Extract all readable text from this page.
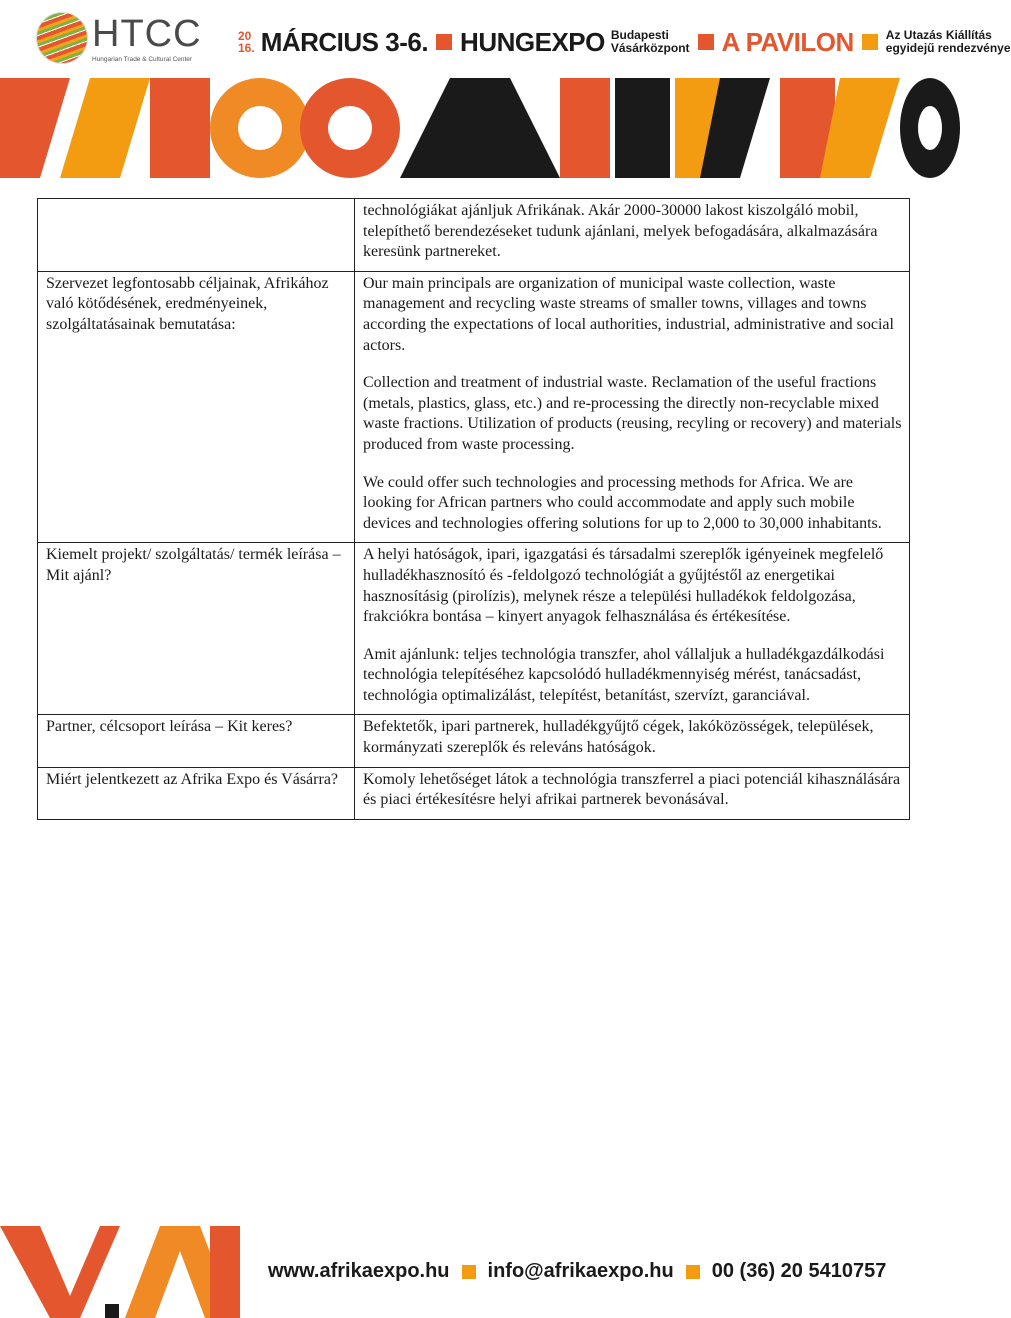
HTCC
Hungarian Trade & Cultural Center
20
16. MÁRCIUS 3-6. HUNGEXPO Budapesti
Vásárközpont A PAVILON	Az Utazás Kiállítás
egyidejű rendezvénye

	technológiákat ajánljuk Afrikának. Akár 2000-30000 lakost kiszolgáló mobil, telepíthető berendezéseket tudunk ajánlani, melyek befogadására, alkalmazására keresünk partnereket.

Szervezet legfontosabb céljainak, Afrikához való kötődésének, eredményeinek, szolgáltatásainak bemutatása:	Our main principals are organization of municipal waste collection, waste management and recycling waste streams of smaller towns, villages and towns according the expectations of local authorities, industrial, administrative and social actors.

Collection and treatment of industrial waste. Reclamation of the useful fractions (metals, plastics, glass, etc.) and re-processing the directly non-recyclable mixed waste fractions. Utilization of products (reusing, recyling or recovery) and materials produced from waste processing.

We could offer such technologies and processing methods for Africa. We are looking for African partners who could accommodate and apply such mobile devices and technologies offering solutions for up to 2,000 to 30,000 inhabitants.

Kiemelt projekt/ szolgáltatás/ termék leírása – Mit ajánl?	A helyi hatóságok, ipari, igazgatási és társadalmi szereplők igényeinek megfelelő hulladékhasznosító és -feldolgozó technológiát a gyűjtéstől az energetikai hasznosításig (pirolízis), melynek része a települési hulladékok feldolgozása, frakciókra bontása – kinyert anyagok felhasználása és értékesítése.

Amit ajánlunk: teljes technológia transzfer, ahol vállaljuk a hulladékgazdálkodási technológia telepítéséhez kapcsolódó hulladékmennyiség mérést, tanácsadást, technológia optimalizálást, telepítést, betanítást, szervízt, garanciával.

Partner, célcsoport leírása – Kit keres?	Befektetők, ipari partnerek, hulladékgyűjtő cégek, lakóközösségek, települések, kormányzati szereplők és releváns hatóságok.

Miért jelentkezett az Afrika Expo és Vásárra?	Komoly lehetőséget látok a technológia transzferrel a piaci potenciál kihasználására és piaci értékesítésre helyi afrikai partnerek bevonásával.

www.afrikaexpo.hu info@afrikaexpo.hu 00 (36) 20 5410757
